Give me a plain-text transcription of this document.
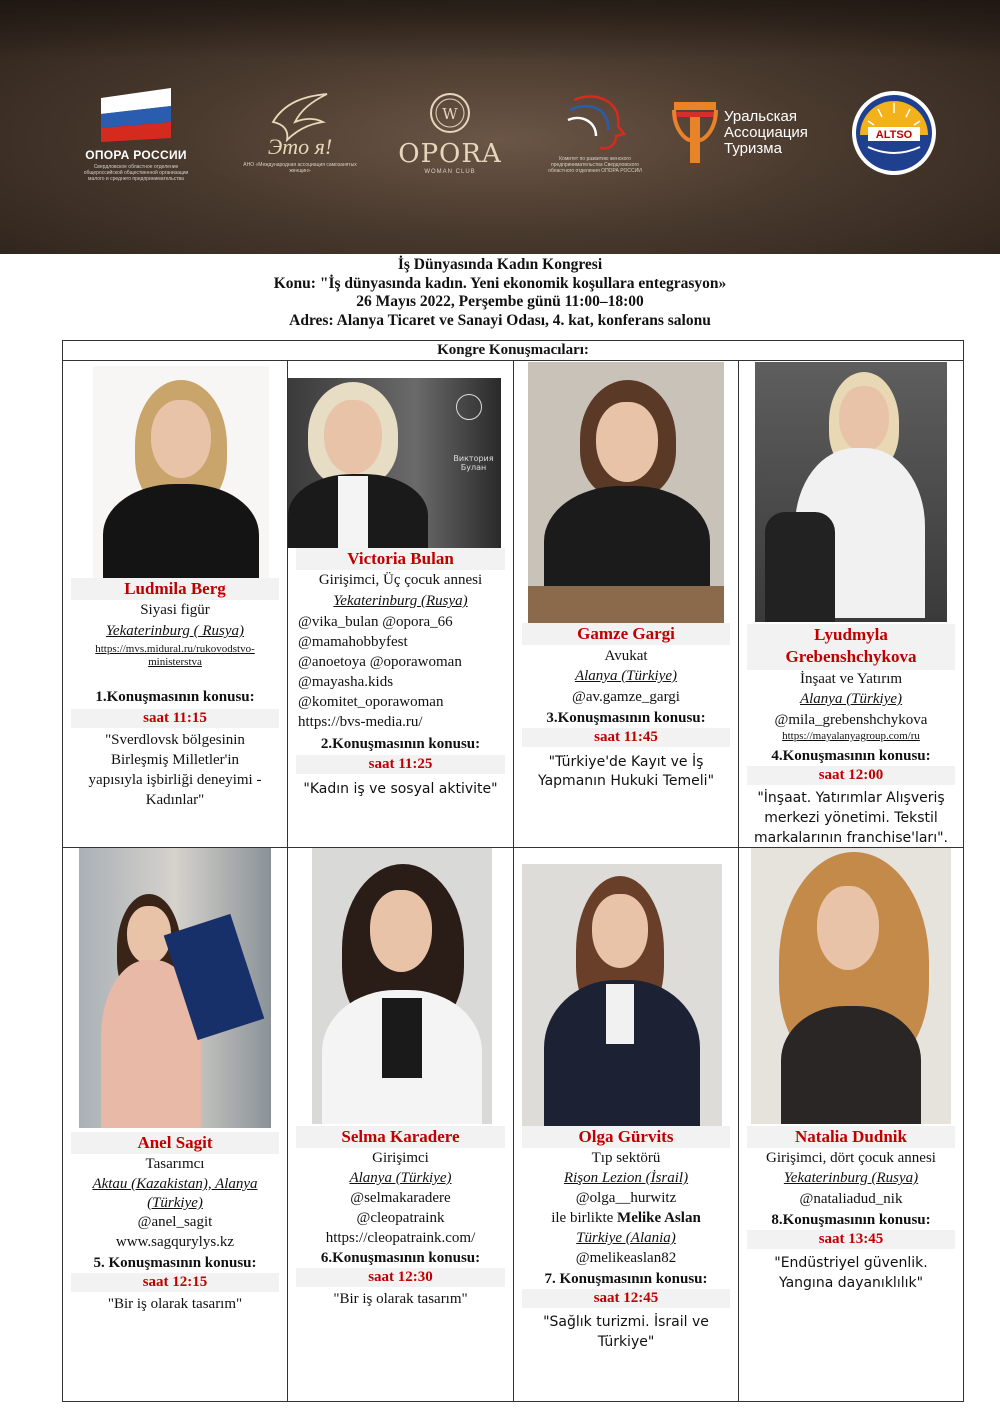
ОПОРА РОССИИ
Свердловское областное отделение общероссийской общественной организации малого и среднего предпринимательства
Это я!
АНО «Международная ассоциация самозанятых женщин»
W
OPORA
WOMAN CLUB
Комитет по развитию женского предпринимательства Свердловского областного отделения ОПОРА РОССИИ
Уральская Ассоциация Туризма
ALTSO
İş Dünyasında Kadın Kongresi
Konu: "İş dünyasında kadın. Yeni ekonomik koşullara entegrasyon»
26 Mayıs 2022, Perşembe günü 11:00–18:00
Adres: Alanya Ticaret ve Sanayi Odası, 4. kat, konferans salonu
Kongre Konuşmacıları:
Ludmila Berg
Siyasi figür
Yekaterinburg ( Rusya)
https://mvs.midural.ru/rukovodstvo-
ministerstva
1.Konuşmasının konusu:
saat 11:15
"Sverdlovsk bölgesinin
Birleşmiş Milletler'in
yapısıyla işbirliği deneyimi -
Kadınlar"
Виктория Булан
Victoria Bulan
Girişimci, Üç çocuk annesi
Yekaterinburg (Rusya)
@vika_bulan @opora_66
@mamahobbyfest
@anoetoya @oporawoman
@mayasha.kids
@komitet_oporawoman
https://bvs-media.ru/
2.Konuşmasının konusu:
saat 11:25
"Kadın iş ve sosyal aktivite"
Gamze Gargi
Avukat
Alanya (Türkiye)
@av.gamze_gargi
3.Konuşmasının konusu:
saat 11:45
"Türkiye'de Kayıt ve İş
Yapmanın Hukuki Temeli"
Lyudmyla
Grebenshchykova
İnşaat ve Yatırım
Alanya (Türkiye)
@mila_grebenshchykova
https://mayalanyagroup.com/ru
4.Konuşmasının konusu:
saat 12:00
"İnşaat. Yatırımlar Alışveriş
merkezi yönetimi. Tekstil
markalarının franchise'ları".
Anel Sagit
Tasarımcı
Aktau (Kazakistan), Alanya
(Türkiye)
@anel_sagit
www.sagqurylys.kz
5. Konuşmasının konusu:
saat 12:15
"Bir iş olarak tasarım"
Selma Karadere
Girişimci
Alanya (Türkiye)
@selmakaradere
@cleopatraink
https://cleopatraink.com/
6.Konuşmasının konusu:
saat 12:30
"Bir iş olarak tasarım"
Olga Gürvits
Tıp sektörü
Rişon Lezion (İsrail)
@olga__hurwitz
ile birlikte Melike Aslan
Türkiye (Alania)
@melikeaslan82
7. Konuşmasının konusu:
saat 12:45
"Sağlık turizmi. İsrail ve
Türkiye"
Natalia Dudnik
Girişimci, dört çocuk annesi
Yekaterinburg (Rusya)
@nataliadud_nik
8.Konuşmasının konusu:
saat 13:45
"Endüstriyel güvenlik.
Yangına dayanıklılık"
